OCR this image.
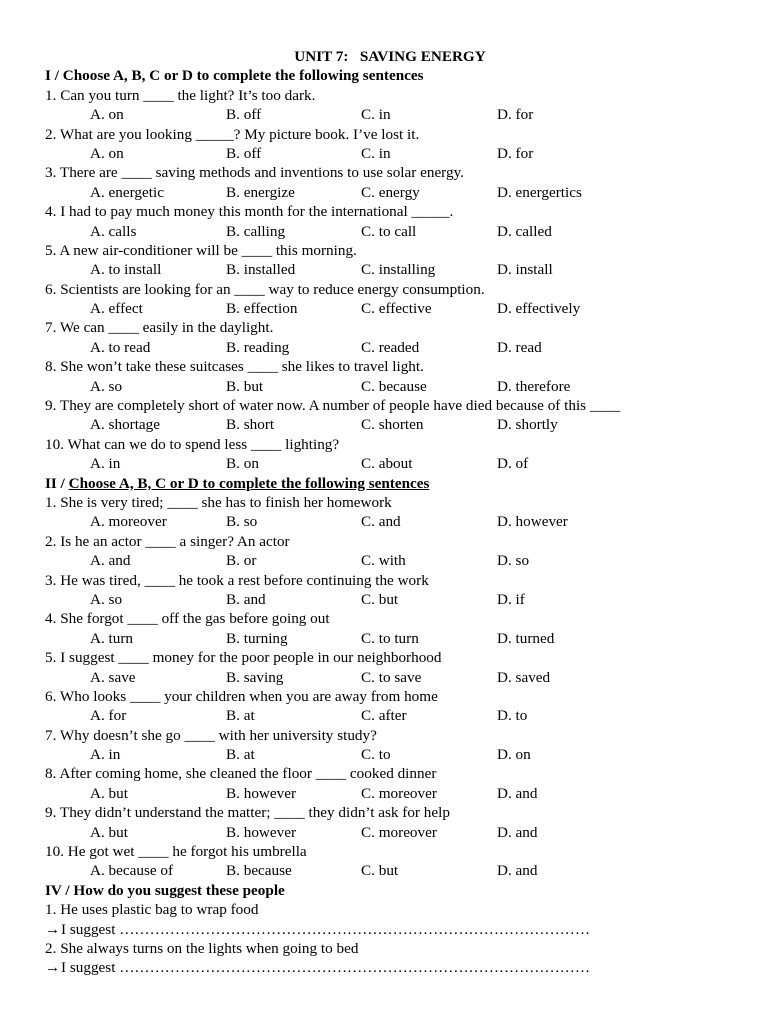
UNIT 7:   SAVING ENERGY
I / Choose A, B, C or D to complete the following sentences
1. Can you turn ____ the light? It’s too dark.
A. on	B. off	C. in	D. for
2. What are you looking _____? My picture book. I’ve lost it.
A. on	B. off	C. in	D. for
3. There are ____ saving methods and inventions to use solar energy.
A. energetic	B. energize	C. energy	D. energertics
4. I had to pay much money this month for the international _____.
A. calls	B. calling	C. to call	D. called
5. A new air-conditioner will be ____ this morning.
A. to install	B. installed	C. installing	D. install
6. Scientists are looking for an ____ way to reduce energy consumption.
A. effect	B. effection	C. effective	D. effectively
7. We can ____ easily in the daylight.
A. to read	B. reading	C. readed	D. read
8. She won’t take these suitcases ____ she likes to travel light.
A. so	B. but	C. because	D. therefore
9. They are completely short of water now. A number of people have died because of this ____
A. shortage	B. short	C. shorten	D. shortly
10. What can we do to spend less ____ lighting?
A. in	B. on	C. about	D. of
II / Choose A, B, C or D to complete the following sentences
1. She is very tired; ____ she has to finish her homework
A. moreover	B. so	C. and	D. however
2. Is he an actor ____ a singer? An actor
A. and	B. or	C. with	D. so
3. He was tired, ____ he took a rest before continuing the work
A. so	B. and	C. but	D. if
4. She forgot ____ off the gas before going out
A. turn	B. turning	C. to turn	D. turned
5. I suggest ____ money for the poor people in our neighborhood
A. save	B. saving	C. to save	D. saved
6. Who looks ____ your children when you are away from home
A. for	B. at	C. after	D. to
7. Why doesn’t she go ____ with her university study?
A. in	B. at	C. to	D. on
8. After coming home, she cleaned the floor ____ cooked dinner
A. but	B. however	C. moreover	D. and
9. They didn’t understand the matter; ____ they didn’t ask for help
A. but	B. however	C. moreover	D. and
10. He got wet ____ he forgot his umbrella
A. because of	B. because	C. but	D. and
IV / How do you suggest these people
1. He uses plastic bag to wrap food
→I suggest …………………………………………………………………………………
2. She always turns on the lights when going to bed
→I suggest …………………………………………………………………………………
